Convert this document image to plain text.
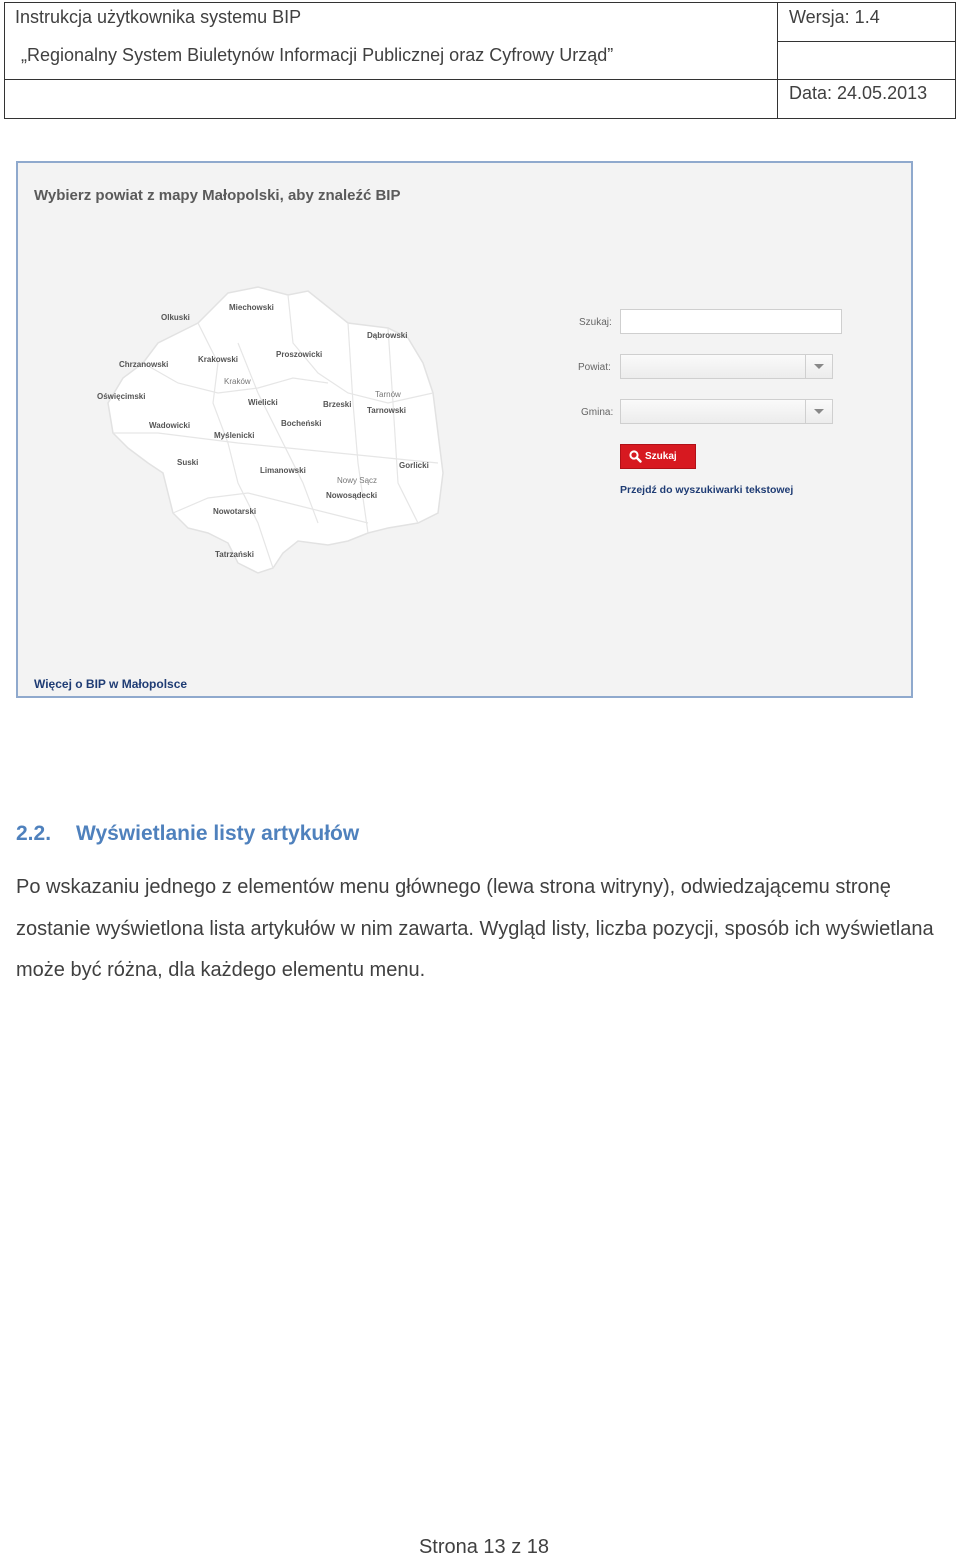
Instrukcja użytkownika systemu BIP
„Regionalny System Biuletynów Informacji Publicznej oraz Cyfrowy Urząd”
Wersja: 1.4
Data: 24.05.2013
Wybierz powiat z mapy Małopolski, aby znaleźć BIP
Olkuski
Miechowski
Dąbrowski
Chrzanowski
Krakowski
Proszowicki
Kraków
Oświęcimski
Wielicki	Brzeski
Tarnów
Tarnowski
Wadowicki
Myślenicki
Bocheński
Suski
Limanowski
Gorlicki
Nowy Sącz
Nowosądecki
Nowotarski
Tatrzański
Szukaj:
Powiat:
Gmina:
Szukaj
Przejdź do wyszukiwarki tekstowej
Więcej o BIP w Małopolsce
2.2. Wyświetlanie listy artykułów
Po wskazaniu jednego z elementów menu głównego (lewa strona witryny), odwiedzającemu stronę zostanie wyświetlona lista artykułów w nim zawarta. Wygląd listy, liczba pozycji, sposób ich wyświetlana może być różna, dla każdego elementu menu.
Strona 13 z 18
